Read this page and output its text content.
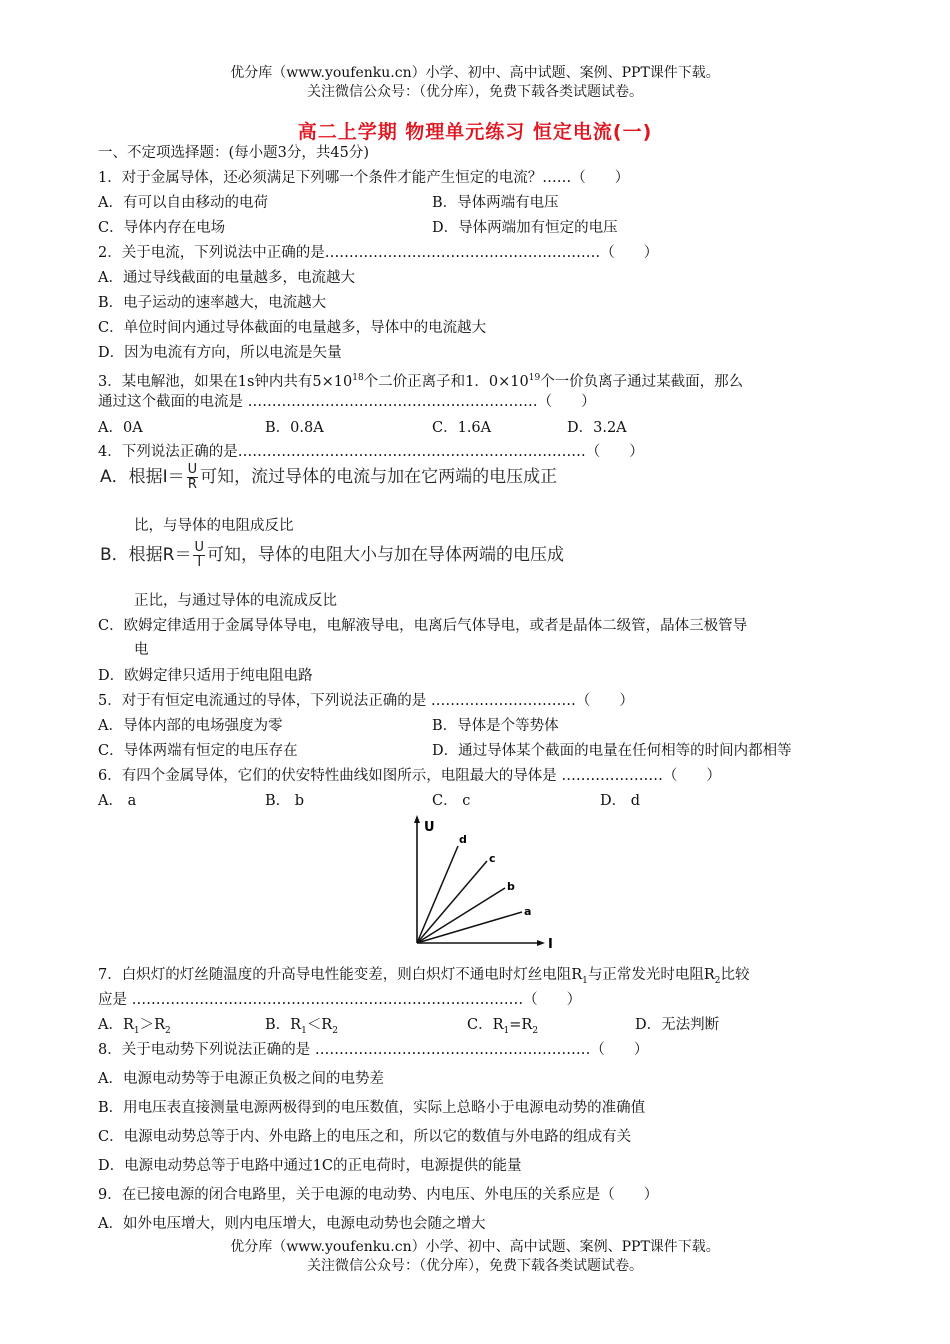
优分库（www.youfenku.cn）小学、初中、高中试题、案例、PPT课件下载。
关注微信公众号：（优分库），免费下载各类试题试卷。
高二上学期 物理单元练习 恒定电流(一)
一、不定项选择题：(每小题3分，共45分)
1．对于金属导体，还必须满足下列哪一个条件才能产生恒定的电流？……（　　）
A．有可以自由移动的电荷	B．导体两端有电压
C．导体内存在电场	D．导体两端加有恒定的电压
2．关于电流，下列说法中正确的是…………………………………………………（　　）
A．通过导线截面的电量越多，电流越大
B．电子运动的速率越大，电流越大
C．单位时间内通过导体截面的电量越多，导体中的电流越大
D．因为电流有方向，所以电流是矢量
3．某电解池，如果在1s钟内共有$5\times 10^{18}$个二价正离子和1．$0\times 10^{19}$个一价负离子通过某截面，那么
通过这个截面的电流是 ……………………………………………………（　　）
A．0A	B．0.8A	C．1.6A	D．3.2A
4．下列说法正确的是………………………………………………………………（　　）
A．根据$I= \frac{U}{R}$ 可知，流过导体的电流与加在它两端的电压成正
比，与导体的电阻成反比
B．根据$R= \frac{U}{I}$ 可知，导体的电阻大小与加在导体两端的电压成
正比，与通过导体的电流成反比
C．欧姆定律适用于金属导体导电，电解液导电，电离后气体导电，或者是晶体二级管，晶体三极管导
电
D．欧姆定律只适用于纯电阻电路
5．对于有恒定电流通过的导体，下列说法正确的是 …………………………（　　）
A．导体内部的电场强度为零	B．导体是个等势体
C．导体两端有恒定的电压存在	D．通过导体某个截面的电量在任何相等的时间内都相等
6．有四个金属导体，它们的伏安特性曲线如图所示，电阻最大的导体是 …………………（　　）
A． a	B． b	C． c	D． d
U
I
a
b
c
d
7．白炽灯的灯丝随温度的升高导电性能变差，则白炽灯不通电时灯丝电阻$R_1$与正常发光时电阻$R_2$比较
应是 ………………………………………………………………………（　　）
A．$R_1>R_2$	B．$R_1<R_2$	C．$R_1=R_2$	D．无法判断
8．关于电动势下列说法正确的是 …………………………………………………（　　）
A．电源电动势等于电源正负极之间的电势差
B．用电压表直接测量电源两极得到的电压数值，实际上总略小于电源电动势的准确值
C．电源电动势总等于内、外电路上的电压之和，所以它的数值与外电路的组成有关
D．电源电动势总等于电路中通过1C的正电荷时，电源提供的能量
9．在已接电源的闭合电路里，关于电源的电动势、内电压、外电压的关系应是（　　）
A．如外电压增大，则内电压增大，电源电动势也会随之增大
优分库（www.youfenku.cn）小学、初中、高中试题、案例、PPT课件下载。
关注微信公众号：（优分库），免费下载各类试题试卷。
